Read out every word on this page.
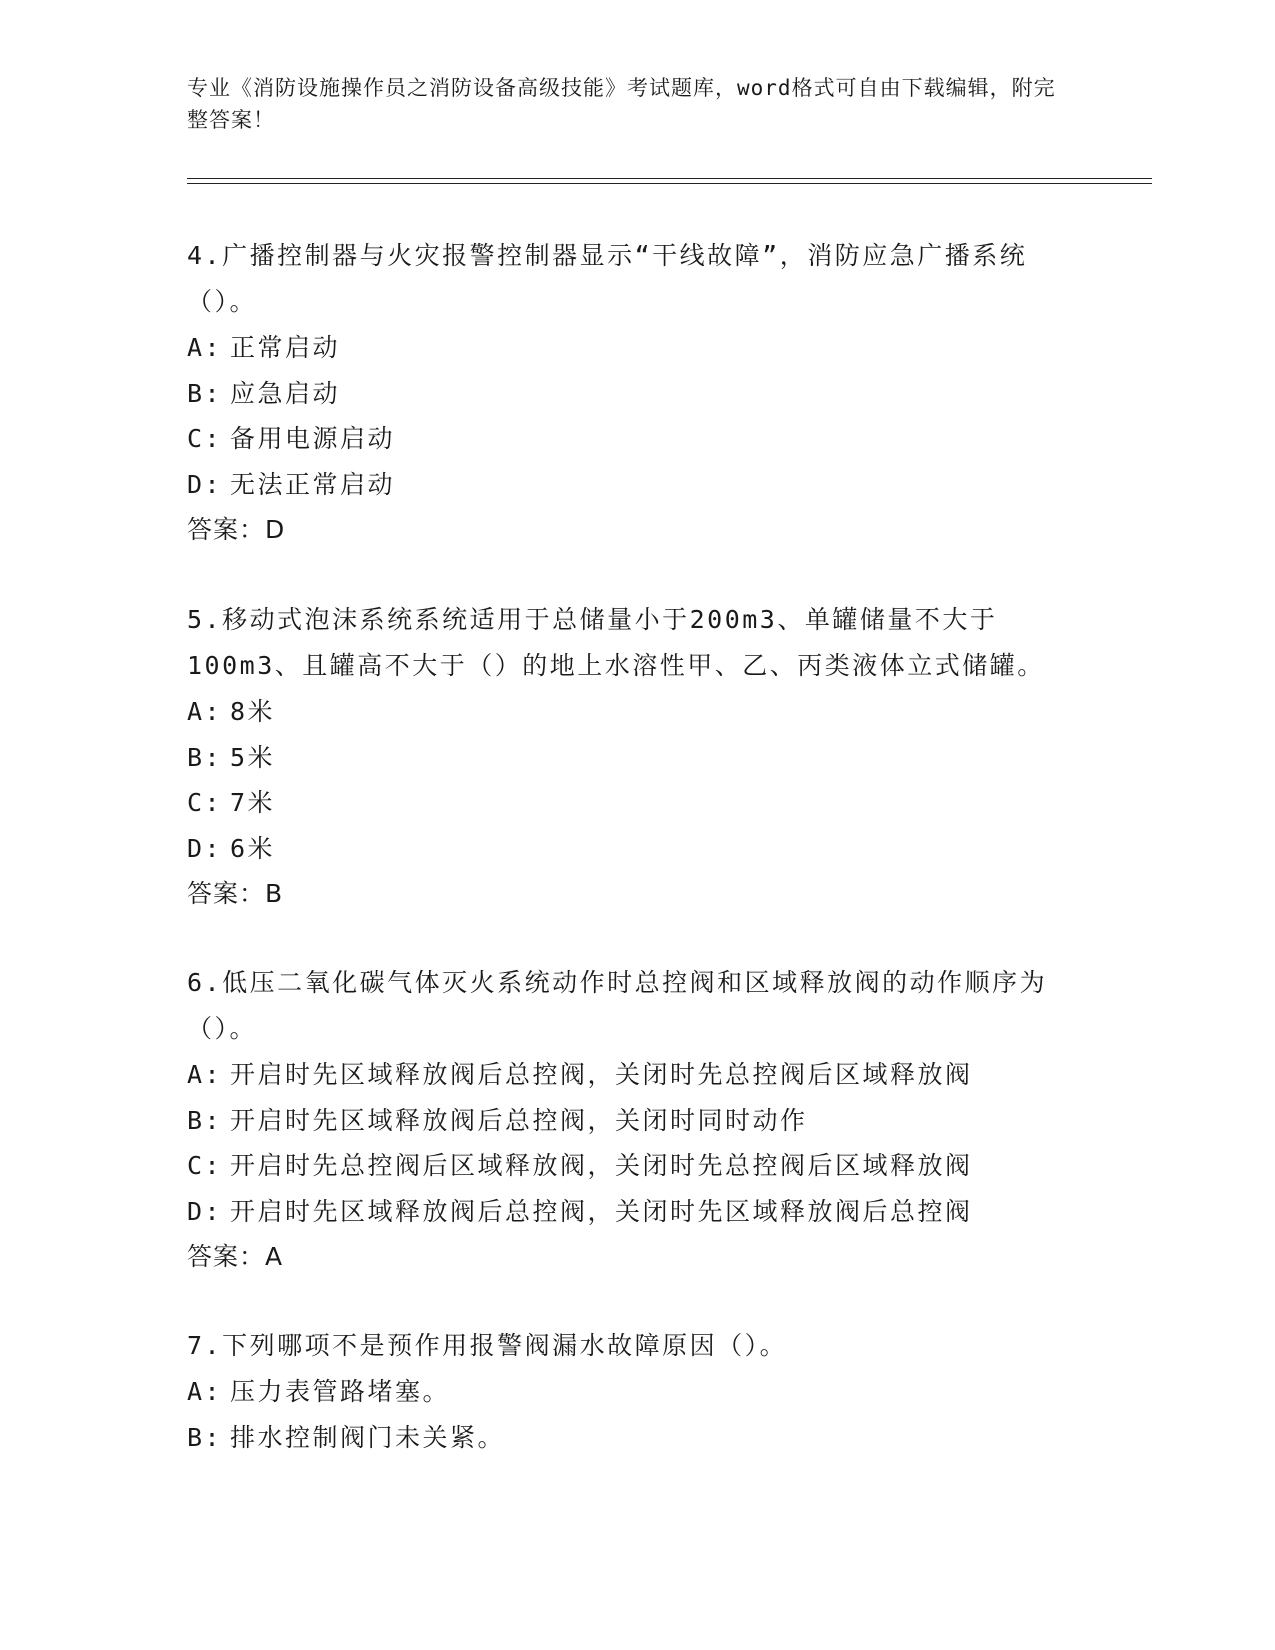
专业《消防设施操作员之消防设备高级技能》考试题库，word格式可自由下载编辑，附完整答案！
4.广播控制器与火灾报警控制器显示“干线故障”，消防应急广播系统（）。
A: 正常启动
B: 应急启动
C: 备用电源启动
D: 无法正常启动
答案：D
5.移动式泡沫系统系统适用于总储量小于200m3、单罐储量不大于100m3、且罐高不大于（）的地上水溶性甲、乙、丙类液体立式储罐。
A: 8米
B: 5米
C: 7米
D: 6米
答案：B
6.低压二氧化碳气体灭火系统动作时总控阀和区域释放阀的动作顺序为（）。
A: 开启时先区域释放阀后总控阀，关闭时先总控阀后区域释放阀
B: 开启时先区域释放阀后总控阀，关闭时同时动作
C: 开启时先总控阀后区域释放阀，关闭时先总控阀后区域释放阀
D: 开启时先区域释放阀后总控阀，关闭时先区域释放阀后总控阀
答案：A
7.下列哪项不是预作用报警阀漏水故障原因（）。
A: 压力表管路堵塞。
B: 排水控制阀门未关紧。
